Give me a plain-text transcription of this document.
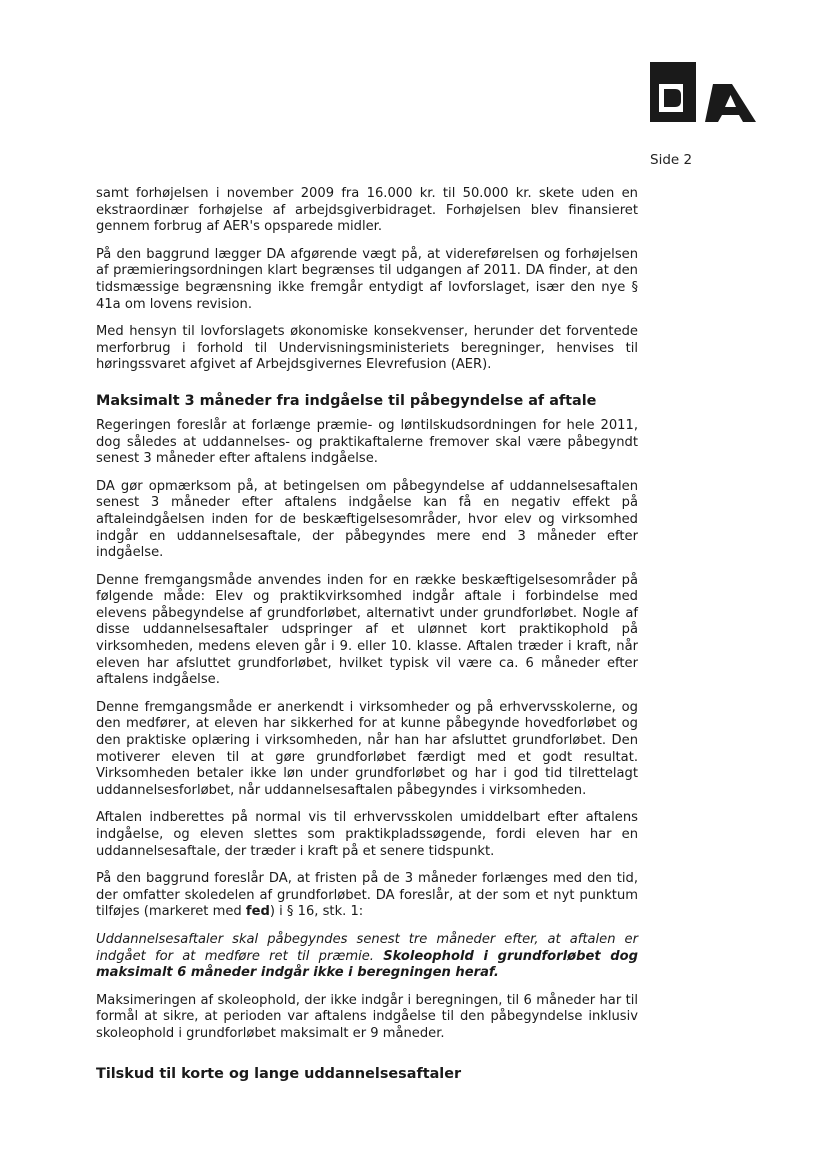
Side 2

samt forhøjelsen i november 2009 fra 16.000 kr. til 50.000 kr. skete uden en ekstraordinær forhøjelse af arbejdsgiverbidraget. Forhøjelsen blev finansieret gennem forbrug af AER's opsparede midler.

På den baggrund lægger DA afgørende vægt på, at videreførelsen og forhøjelsen af præmieringsordningen klart begrænses til udgangen af 2011. DA finder, at den tidsmæssige begrænsning ikke fremgår entydigt af lovforslaget, især den nye § 41a om lovens revision.

Med hensyn til lovforslagets økonomiske konsekvenser, herunder det forventede merforbrug i forhold til Undervisningsministeriets beregninger, henvises til høringssvaret afgivet af Arbejdsgivernes Elevrefusion (AER).

Maksimalt 3 måneder fra indgåelse til påbegyndelse af aftale

Regeringen foreslår at forlænge præmie- og løntilskudsordningen for hele 2011, dog således at uddannelses- og praktikaftalerne fremover skal være påbegyndt senest 3 måneder efter aftalens indgåelse.

DA gør opmærksom på, at betingelsen om påbegyndelse af uddannelsesaftalen senest 3 måneder efter aftalens indgåelse kan få en negativ effekt på aftaleindgåelsen inden for de beskæftigelsesområder, hvor elev og virksomhed indgår en uddannelsesaftale, der påbegyndes mere end 3 måneder efter indgåelse.

Denne fremgangsmåde anvendes inden for en række beskæftigelsesområder på følgende måde: Elev og praktikvirksomhed indgår aftale i forbindelse med elevens påbegyndelse af grundforløbet, alternativt under grundforløbet. Nogle af disse uddannelsesaftaler udspringer af et ulønnet kort praktikophold på virksomheden, medens eleven går i 9. eller 10. klasse. Aftalen træder i kraft, når eleven har afsluttet grundforløbet, hvilket typisk vil være ca. 6 måneder efter aftalens indgåelse.

Denne fremgangsmåde er anerkendt i virksomheder og på erhvervsskolerne, og den medfører, at eleven har sikkerhed for at kunne påbegynde hovedforløbet og den praktiske oplæring i virksomheden, når han har afsluttet grundforløbet. Den motiverer eleven til at gøre grundforløbet færdigt med et godt resultat. Virksomheden betaler ikke løn under grundforløbet og har i god tid tilrettelagt uddannelsesforløbet, når uddannelsesaftalen påbegyndes i virksomheden.

Aftalen indberettes på normal vis til erhvervsskolen umiddelbart efter aftalens indgåelse, og eleven slettes som praktikpladssøgende, fordi eleven har en uddannelsesaftale, der træder i kraft på et senere tidspunkt.

På den baggrund foreslår DA, at fristen på de 3 måneder forlænges med den tid, der omfatter skoledelen af grundforløbet. DA foreslår, at der som et nyt punktum tilføjes (markeret med fed) i § 16, stk. 1:

Uddannelsesaftaler skal påbegyndes senest tre måneder efter, at aftalen er indgået for at medføre ret til præmie. Skoleophold i grundforløbet dog maksimalt 6 måneder indgår ikke i beregningen heraf.

Maksimeringen af skoleophold, der ikke indgår i beregningen, til 6 måneder har til formål at sikre, at perioden var aftalens indgåelse til den påbegyndelse inklusiv skoleophold i grundforløbet maksimalt er 9 måneder.

Tilskud til korte og lange uddannelsesaftaler
